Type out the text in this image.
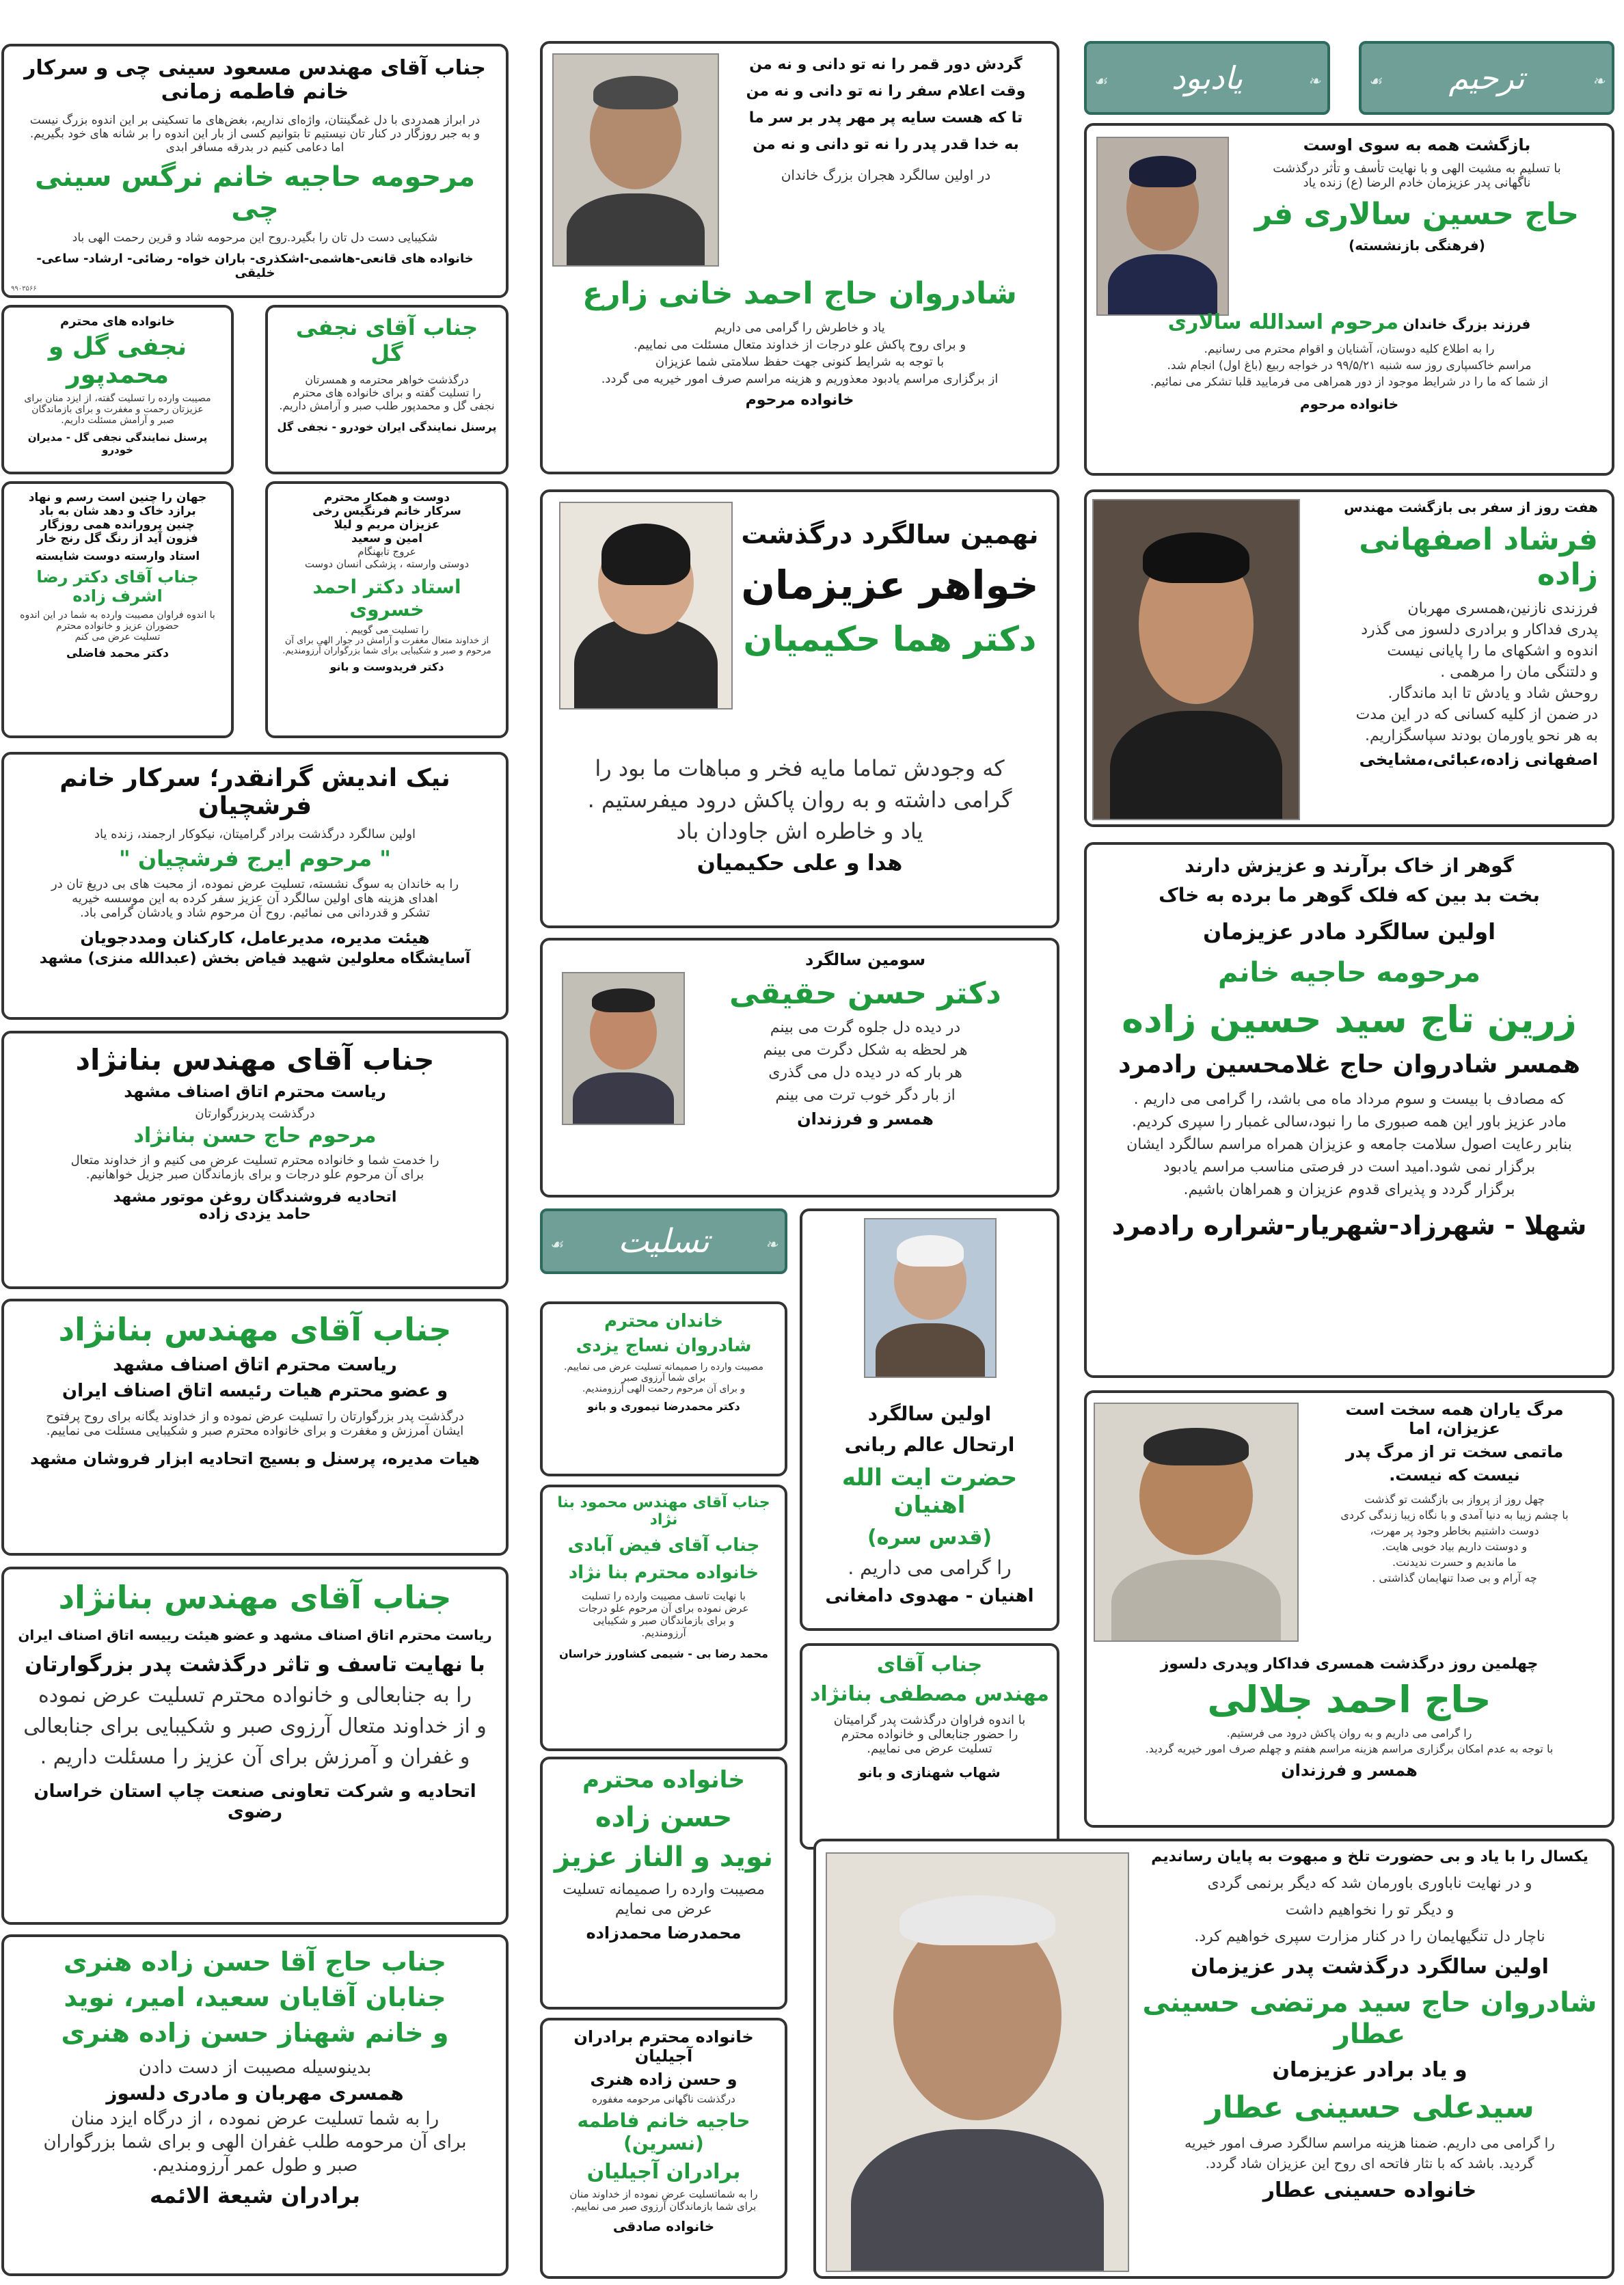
جناب آقای مهندس مسعود سینی چی و سرکار خانم فاطمه زمانی
در ابراز همدردی با دل غمگینتان، واژه‌ای نداریم، بغض‌های ما تسکینی بر این اندوه بزرگ نیست
و به جبر روزگار در کنار تان نیستیم تا بتوانیم کسی از بار این اندوه را بر شانه های خود بگیریم.
اما دعامی کنیم در بدرقه مسافر ابدی
مرحومه حاجیه خانم نرگس سینی چی
شکیبایی دست دل تان را بگیرد.روح این مرحومه شاد و قرین رحمت الهی باد
خانواده های قانعی-هاشمی-اشکذری- باران خواه- رضائی- ارشاد- ساعی-خلیقی
۹۹۰۳۵۶۶
خانواده های محترم
نجفی گل و محمدپور
مصیبت وارده را تسلیت گفته، از ایزد منان برای
عزیزتان رحمت و مغفرت و برای بازماندگان
صبر و آرامش مسئلت داریم.
پرسنل نمایندگی نجفی گل - مدیران خودرو
جهان را چنین است رسم و نهاد
برازد خاک و دهد شان به باد
چنین پرورانده همی روزگار
فزون آید از رنگ گل رنج خار
استاد وارسته دوست شایسته
جناب آقای دکتر رضا اشرف زاده
با اندوه فراوان مصیبت وارده به شما در این اندوه
حضوران عزیز و خانواده محترم
تسلیت عرض می کنم
دکتر محمد فاضلی
نیک اندیش گرانقدر؛ سرکار خانم فرشچیان
اولین سالگرد درگذشت برادر گرامیتان، نیکوکار ارجمند، زنده یاد
" مرحوم ایرج فرشچیان "
را به خاندان به سوگ نشسته، تسلیت عرض نموده، از محبت های بی دریغ تان در
اهدای هزینه های اولین سالگرد آن عزیز سفر کرده به این موسسه خیریه
تشکر و قدردانی می نمائیم. روح آن مرحوم شاد و یادشان گرامی باد.
هیئت مدیره، مدیرعامل، کارکنان ومددجویان
آسایشگاه معلولین شهید فیاض بخش (عبدالله منزی) مشهد
جناب آقای مهندس بنانژاد
ریاست محترم اتاق اصناف مشهد
درگذشت پدربزرگوارتان
مرحوم حاج حسن بنانژاد
را خدمت شما و خانواده محترم تسلیت عرض می کنیم و از خداوند متعال
برای آن مرحوم علو درجات و برای بازماندگان صبر جزیل خواهانیم.
اتحادیه فروشندگان روغن موتور مشهد
حامد یزدی زاده
جناب آقای مهندس بنانژاد
ریاست محترم اتاق اصناف مشهد
و عضو محترم هیات رئیسه اتاق اصناف ایران
درگذشت پدر بزرگوارتان را تسلیت عرض نموده و از خداوند یگانه برای روح پرفتوح
ایشان آمرزش و مغفرت و برای خانواده محترم صبر و شکیبایی مسئلت می نماییم.
هیات مدیره، پرسنل و بسیج اتحادیه ابزار فروشان مشهد
جناب آقای مهندس بنانژاد
ریاست محترم اتاق اصناف مشهد و عضو هیئت رییسه اتاق اصناف ایران
با نهایت تاسف و تاثر درگذشت پدر بزرگوارتان
را به جنابعالی و خانواده محترم تسلیت عرض نموده
و از خداوند متعال آرزوی صبر و شکیبایی برای جنابعالی
و غفران و آمرزش برای آن عزیز را مسئلت داریم .
اتحادیه و شرکت تعاونی صنعت چاپ استان خراسان رضوی
جناب حاج آقا حسن زاده هنری
جنابان آقایان سعید، امیر، نوید
و خانم شهناز حسن زاده هنری
بدینوسیله مصیبت از دست دادن
همسری مهربان و مادری دلسوز
را به شما تسلیت عرض نموده ، از درگاه ایزد منان
برای آن مرحومه طلب غفران الهی و برای شما بزرگواران
صبر و طول عمر آرزومندیم.
برادران شیعة الائمه
جناب آقای نجفی گل
درگذشت خواهر محترمه و همسرتان
را تسلیت گفته و برای خانواده های محترم
نجفی گل و محمدپور طلب صبر و آرامش داریم.
پرسنل نمایندگی ایران خودرو - نجفی گل
دوست و همکار محترم
سرکار خانم فرنگیس رخی
عزیزان مریم و لیلا
امین و سعید
عروج تابهنگام
دوستی وارسته ، پزشکی انسان دوست
استاد دکتر احمد خسروی
را تسلیت می گوییم .
از خداوند متعال مغفرت و آرامش در جوار الهی برای آن
مرحوم و صبر و شکیبایی برای شما بزرگواران آرزومندیم.
دکتر فریدوست و بانو
گردش دور قمر را نه تو دانی و نه من
وقت اعلام سفر را نه تو دانی و نه من
تا که هست سایه پر مهر پدر بر سر ما
به خدا قدر پدر را نه تو دانی و نه من
در اولین سالگرد هجران بزرگ خاندان
شادروان حاج احمد خانی زارع
یاد و خاطرش را گرامی می داریم
و برای روح پاکش علو درجات از خداوند متعال مسئلت می نماییم.
با توجه به شرایط کنونی جهت حفظ سلامتی شما عزیزان
از برگزاری مراسم یادبود معذوریم و هزینه مراسم صرف امور خیریه می گردد.
خانواده مرحوم
نهمین سالگرد درگذشت
خواهر عزیزمان
دکتر هما حکیمیان
که وجودش تماما مایه فخر و مباهات ما بود را
گرامی داشته و به روان پاکش درود میفرستیم .
یاد و خاطره اش جاودان باد
هدا و علی حکیمیان
سومین سالگرد
دکتر حسن حقیقی
در دیده دل جلوه گرت می بینم
هر لحظه به شکل دگرت می بینم
هر بار که در دیده دل می گذری
از بار دگر خوب ترت می بینم
همسر و فرزندان
❧
تسلیت
☙
خاندان محترم
شادروان نساج یزدی
مصیبت وارده را صمیمانه تسلیت عرض می نماییم.
برای شما آرزوی صبر
و برای آن مرحوم رحمت الهی آرزومندیم.
دکتر محمدرضا تیموری و بانو
جناب آقای مهندس محمود بنا نژاد
جناب آقای فیض آبادی
خانواده محترم بنا نژاد
با نهایت تاسف مصیبت وارده را تسلیت
عرض نموده برای آن مرحوم علو درجات
و برای بازماندگان صبر و شکیبایی
آرزومندیم.
محمد رضا بی - شیمی کشاورز خراسان
خانواده محترم
حسن زاده
نوید و الناز عزیز
مصیبت وارده را صمیمانه تسلیت
عرض می نمایم
محمدرضا محمدزاده
خانواده محترم برادران آجیلیان
و حسن زاده هنری
درگذشت ناگهانی مرحومه مغفوره
حاجیه خانم فاطمه (نسرین)
برادران آجیلیان
را به شماتسلیت عرض نموده از خداوند منان
برای شما بازماندگان آرزوی صبر می نماییم.
خانواده صادقی
اولین سالگرد
ارتحال عالم ربانی
حضرت ایت الله اهنیان
(قدس سره)
را گرامی می داریم .
اهنیان - مهدوی دامغانی
جناب آقای
مهندس مصطفی بنانژاد
با اندوه فراوان درگذشت پدر گرامیتان
را حضور جنابعالی و خانواده محترم
تسلیت عرض می نماییم.
شهاب شهنازی و بانو
❧
ترحیم
☙
❧
یادبود
☙
بازگشت همه به سوی اوست
با تسلیم به مشیت الهی و با نهایت تأسف و تأثر درگذشت
ناگهانی پدر عزیزمان خادم الرضا (ع) زنده یاد
حاج حسین سالاری فر
(فرهنگی بازنشسته)
فرزند بزرگ خاندان مرحوم اسدالله سالاری
را به اطلاع کلیه دوستان، آشنایان و اقوام محترم می رسانیم.
مراسم خاکسپاری روز سه شنبه ۹۹/۵/۲۱ در خواجه ربیع (باغ اول) انجام شد.
از شما که ما را در شرایط موجود از دور همراهی می فرمایید قلبا تشکر می نمائیم.
خانواده مرحوم
هفت روز از سفر بی بازگشت مهندس
فرشاد اصفهانی زاده
فرزندی نازنین،همسری مهربان
پدری فداکار و برادری دلسوز می گذرد
اندوه و اشکهای ما را پایانی نیست
و دلتنگی مان را مرهمی .
روحش شاد و یادش تا ابد ماندگار.
در ضمن از کلیه کسانی که در این مدت
به هر نحو یاورمان بودند سپاسگزاریم.
اصفهانی زاده،عبائی،مشایخی
گوهر از خاک برآرند و عزیزش دارند
بخت بد بین که فلک گوهر ما برده به خاک
اولین سالگرد مادر عزیزمان
مرحومه حاجیه خانم
زرین تاج سید حسین زاده
همسر شادروان حاج غلامحسین رادمرد
که مصادف با بیست و سوم مرداد ماه می باشد، را گرامی می داریم .
مادر عزیز باور این همه صبوری ما را نبود،سالی غمبار را سپری کردیم.
بنابر رعایت اصول سلامت جامعه و عزیزان همراه مراسم سالگرد ایشان
برگزار نمی شود.امید است در فرصتی مناسب مراسم یادبود
برگزار گردد و پذیرای قدوم عزیزان و همراهان باشیم.
شهلا - شهرزاد-شهریار-شراره رادمرد
مرگ یاران همه سخت است عزیزان، اما
ماتمی سخت تر از مرگ پدر
نیست که نیست.
چهل روز از پرواز بی بازگشت تو گذشت
با چشم زیبا به دنیا آمدی و با نگاه زیبا زندگی کردی
دوست داشتیم بخاطر وجود پر مهرت،
و دوستت داریم بیاد خوبی هایت.
ما ماندیم و حسرت ندیدنت.
چه آرام و بی صدا تنهایمان گذاشتی .
چهلمین روز درگذشت همسری فداکار وپدری دلسوز
حاج احمد جلالی
را گرامی می داریم و به روان پاکش درود می فرستیم.
با توجه به عدم امکان برگزاری مراسم هزینه مراسم هفتم و چهلم صرف امور خیریه گردید.
همسر و فرزندان
یکسال را با یاد و بی حضورت تلخ و مبهوت به پایان رساندیم
و در نهایت ناباوری باورمان شد که دیگر برنمی گردی
و دیگر تو را نخواهیم داشت
ناچار دل تنگیهایمان را در کنار مزارت سپری خواهیم کرد.
اولین سالگرد درگذشت پدر عزیزمان
شادروان حاج سید مرتضی حسینی عطار
و یاد برادر عزیزمان
سیدعلی حسینی عطار
را گرامی می داریم. ضمنا هزینه مراسم سالگرد صرف امور خیریه
گردید. باشد که با نثار فاتحه ای روح این عزیزان شاد گردد.
خانواده حسینی عطار
